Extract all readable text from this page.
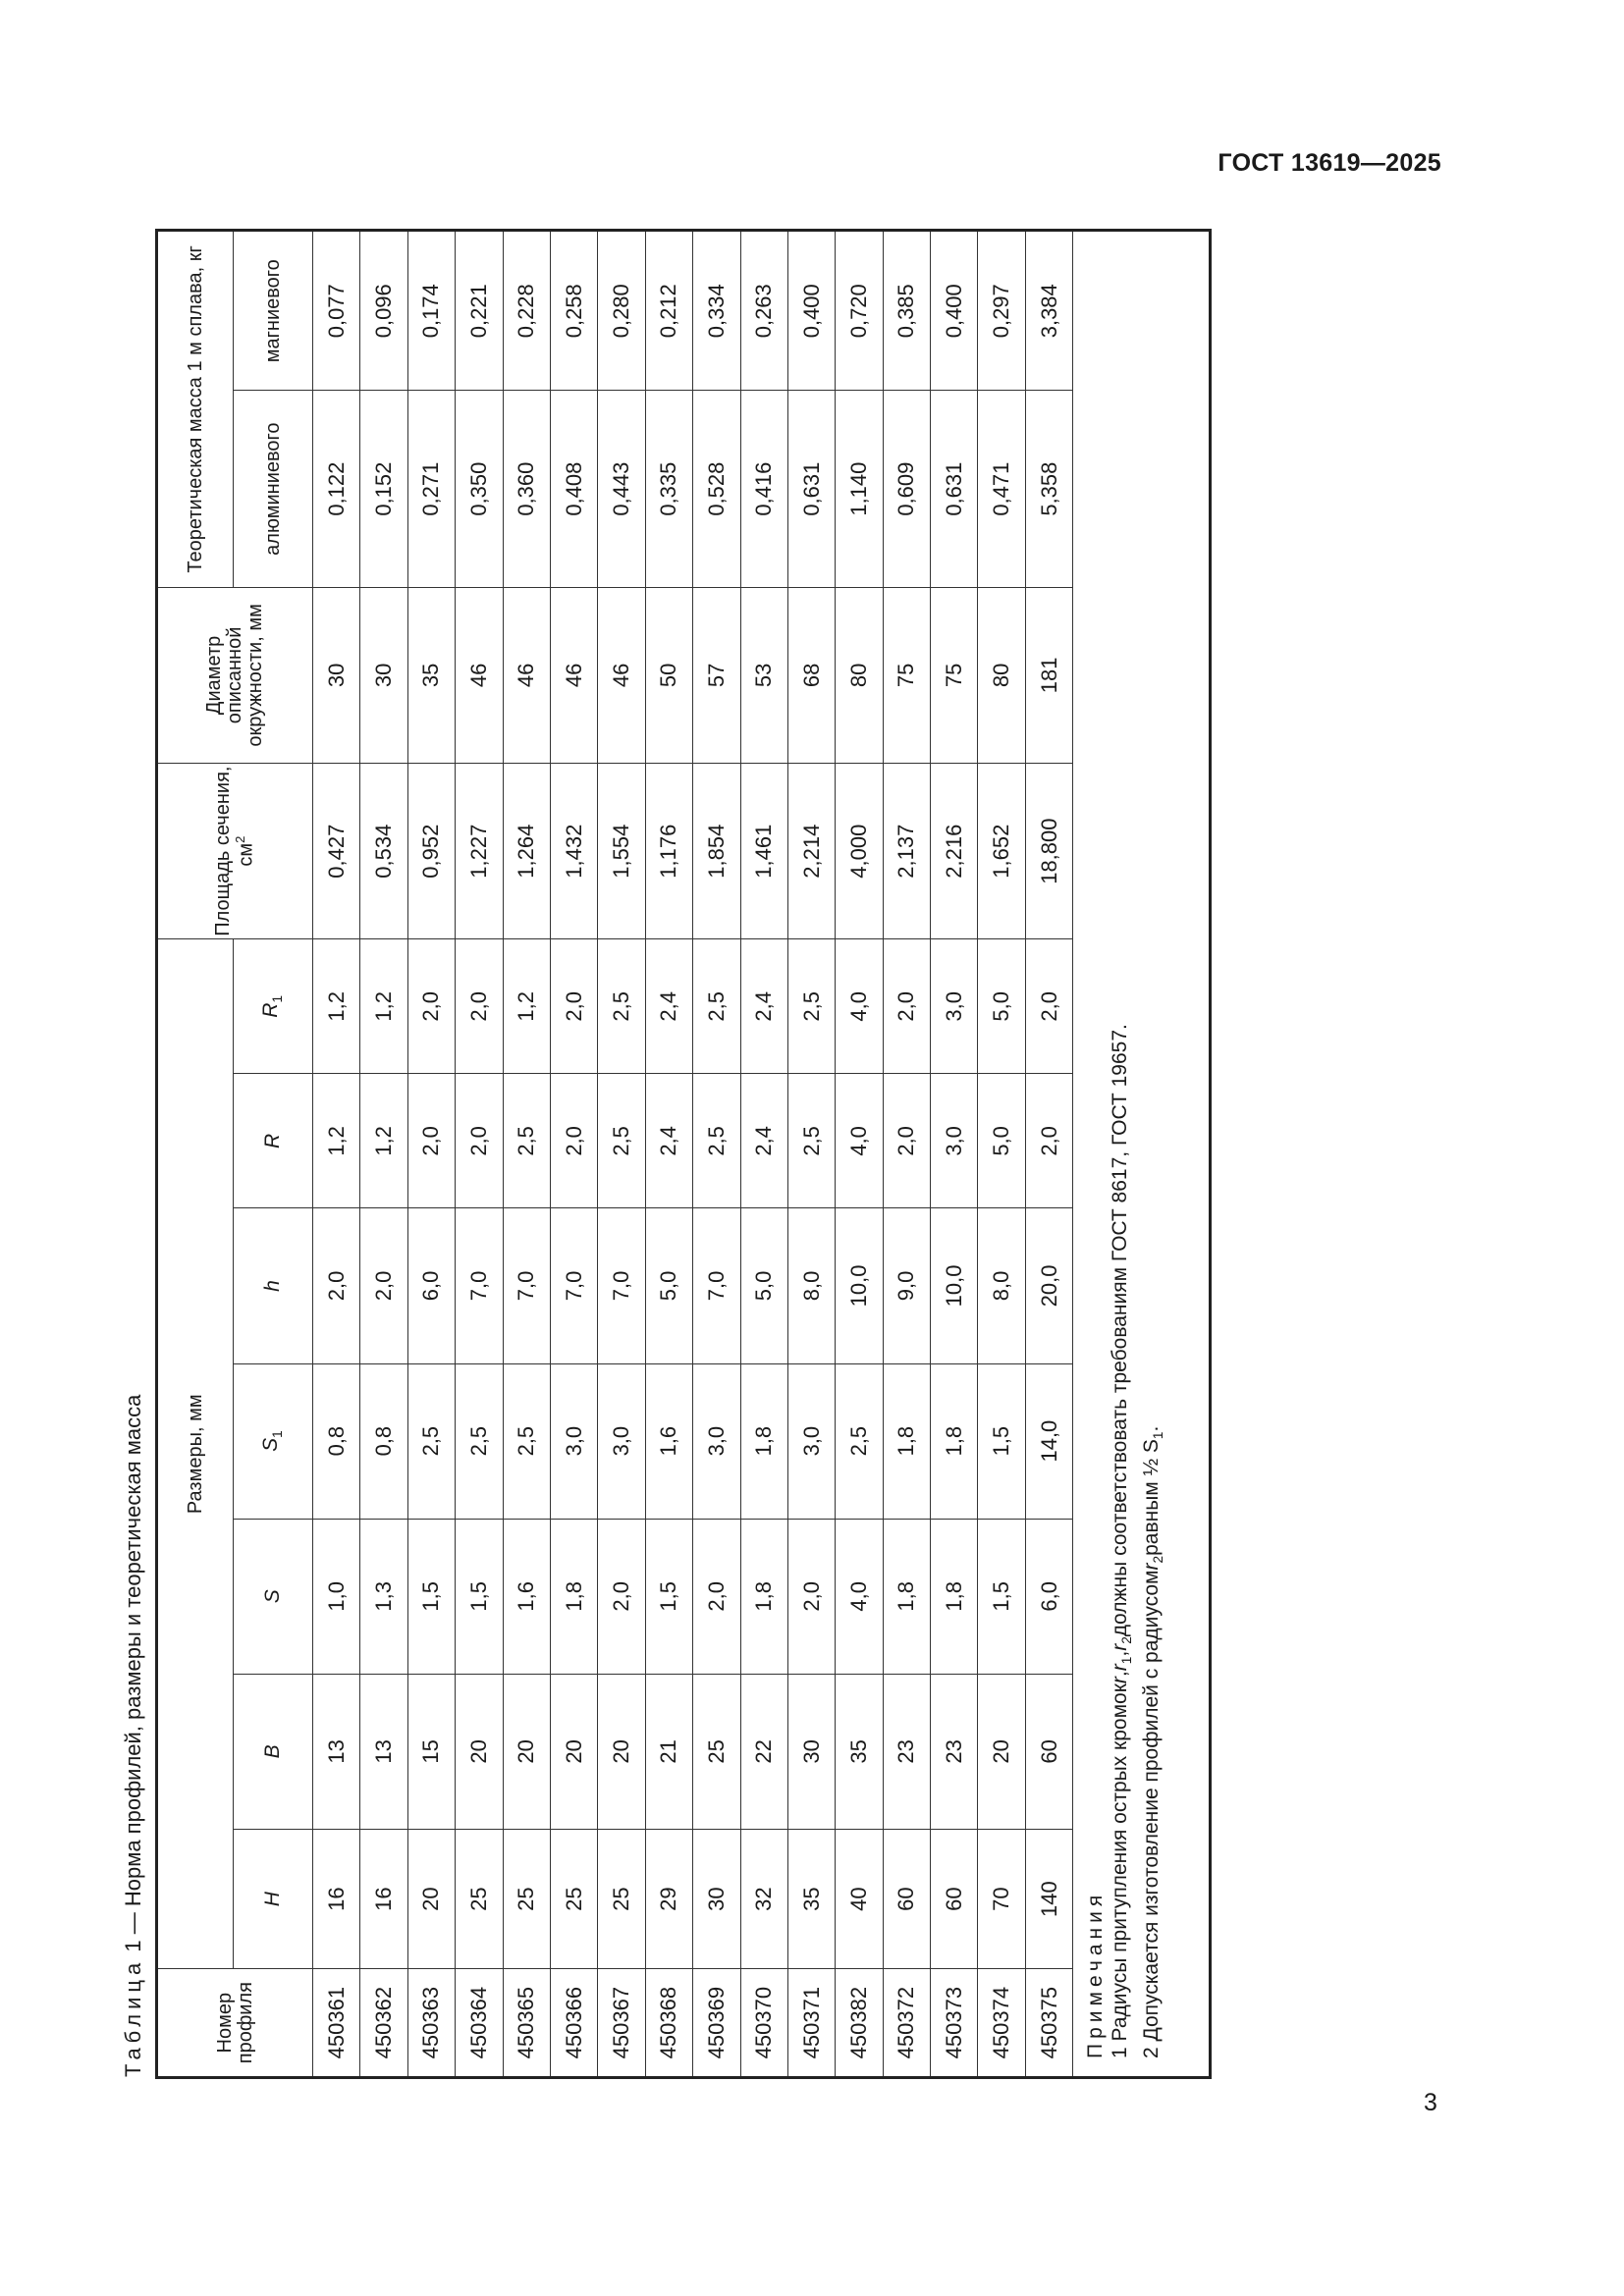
ГОСТ 13619—2025
Таблица 1 — Норма профилей, размеры и теоретическая масса
Номер профиля	Размеры, мм							Площадь сечения, $см^2$	Диаметр описанной окружности, мм	Теоретическая масса 1 м сплава, кг	
	H	B	S	$S_1$	h	R	$R_1$			алюминиевого	магниевого
450361	16	13	1,0	0,8	2,0	1,2	1,2	0,427	30	0,122	0,077
450362	16	13	1,3	0,8	2,0	1,2	1,2	0,534	30	0,152	0,096
450363	20	15	1,5	2,5	6,0	2,0	2,0	0,952	35	0,271	0,174
450364	25	20	1,5	2,5	7,0	2,0	2,0	1,227	46	0,350	0,221
450365	25	20	1,6	2,5	7,0	2,5	1,2	1,264	46	0,360	0,228
450366	25	20	1,8	3,0	7,0	2,0	2,0	1,432	46	0,408	0,258
450367	25	20	2,0	3,0	7,0	2,5	2,5	1,554	46	0,443	0,280
450368	29	21	1,5	1,6	5,0	2,4	2,4	1,176	50	0,335	0,212
450369	30	25	2,0	3,0	7,0	2,5	2,5	1,854	57	0,528	0,334
450370	32	22	1,8	1,8	5,0	2,4	2,4	1,461	53	0,416	0,263
450371	35	30	2,0	3,0	8,0	2,5	2,5	2,214	68	0,631	0,400
450382	40	35	4,0	2,5	10,0	4,0	4,0	4,000	80	1,140	0,720
450372	60	23	1,8	1,8	9,0	2,0	2,0	2,137	75	0,609	0,385
450373	60	23	1,8	1,8	10,0	3,0	3,0	2,216	75	0,631	0,400
450374	70	20	1,5	1,5	8,0	5,0	5,0	1,652	80	0,471	0,297
450375	140	60	6,0	14,0	20,0	2,0	2,0	18,800	181	5,358	3,384

Примечания 1 Радиусы притупления острых $кромокr,r_1,r_2должны$ соответствовать требованиям ГОСТ 8617, ГОСТ 19657.
2 Допускается изготовление профилей с радиусомr$_2$равным ½ $S_1$.											
3
